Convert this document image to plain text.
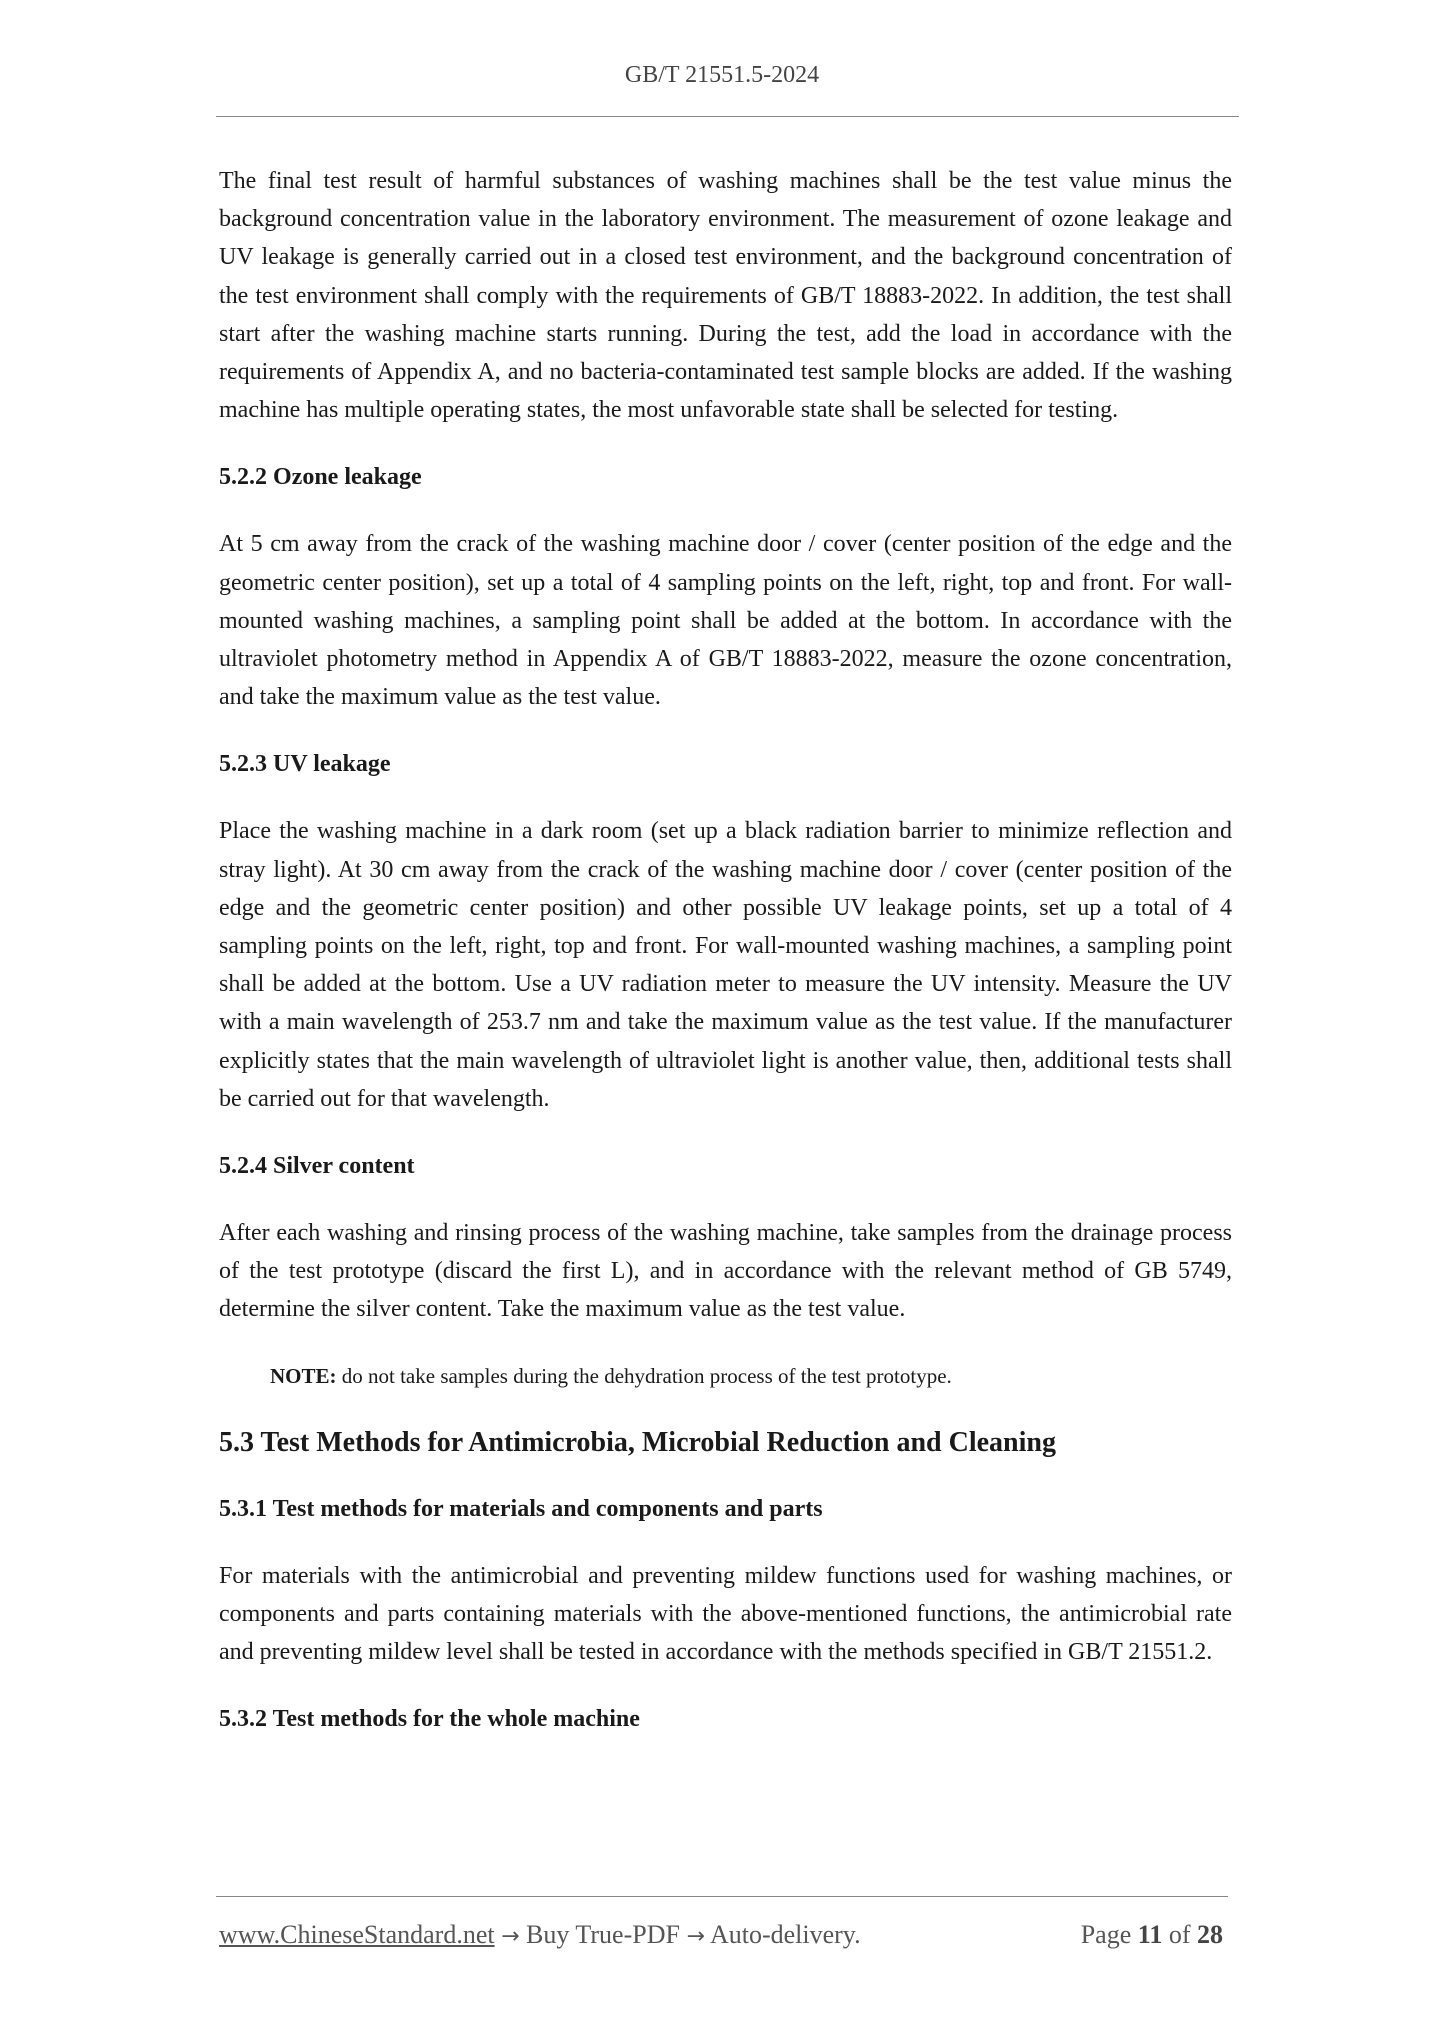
GB/T 21551.5-2024

The final test result of harmful substances of washing machines shall be the test value minus the background concentration value in the laboratory environment. The measurement of ozone leakage and UV leakage is generally carried out in a closed test environment, and the background concentration of the test environment shall comply with the requirements of GB/T 18883-2022. In addition, the test shall start after the washing machine starts running. During the test, add the load in accordance with the requirements of Appendix A, and no bacteria-contaminated test sample blocks are added. If the washing machine has multiple operating states, the most unfavorable state shall be selected for testing.

5.2.2 Ozone leakage

At 5 cm away from the crack of the washing machine door / cover (center position of the edge and the geometric center position), set up a total of 4 sampling points on the left, right, top and front. For wall-mounted washing machines, a sampling point shall be added at the bottom. In accordance with the ultraviolet photometry method in Appendix A of GB/T 18883-2022, measure the ozone concentration, and take the maximum value as the test value.

5.2.3 UV leakage

Place the washing machine in a dark room (set up a black radiation barrier to minimize reflection and stray light). At 30 cm away from the crack of the washing machine door / cover (center position of the edge and the geometric center position) and other possible UV leakage points, set up a total of 4 sampling points on the left, right, top and front. For wall-mounted washing machines, a sampling point shall be added at the bottom. Use a UV radiation meter to measure the UV intensity. Measure the UV with a main wavelength of 253.7 nm and take the maximum value as the test value. If the manufacturer explicitly states that the main wavelength of ultraviolet light is another value, then, additional tests shall be carried out for that wavelength.

5.2.4 Silver content

After each washing and rinsing process of the washing machine, take samples from the drainage process of the test prototype (discard the first L), and in accordance with the relevant method of GB 5749, determine the silver content. Take the maximum value as the test value.

NOTE: do not take samples during the dehydration process of the test prototype.
5.3 Test Methods for Antimicrobia, Microbial Reduction and Cleaning
5.3.1 Test methods for materials and components and parts

For materials with the antimicrobial and preventing mildew functions used for washing machines, or components and parts containing materials with the above-mentioned functions, the antimicrobial rate and preventing mildew level shall be tested in accordance with the methods specified in GB/T 21551.2.

5.3.2 Test methods for the whole machine
www.ChineseStandard.net → Buy True-PDF → Auto-delivery.	Page 11 of 28
